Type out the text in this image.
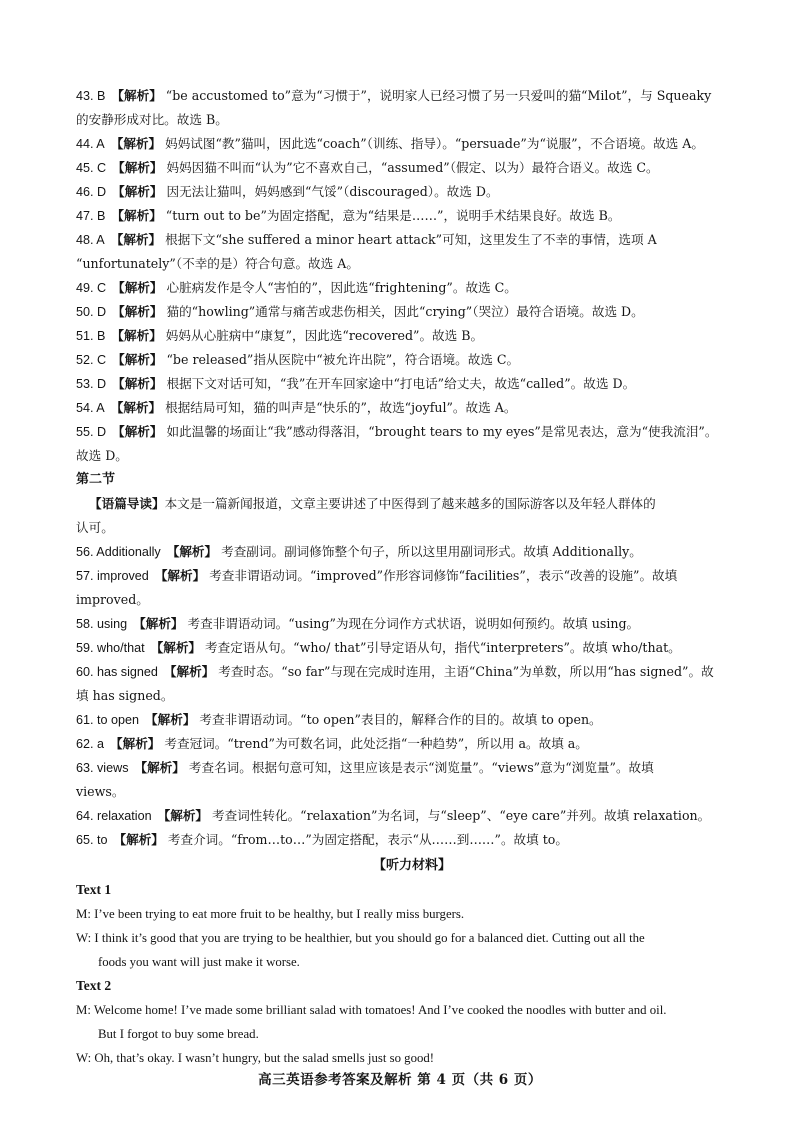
43. B 【解析】 “be accustomed to”意为“习惯于”，说明家人已经习惯了另一只爱叫的猫“Milot”，与 Squeaky
的安静形成对比。故选 B。
44. A 【解析】 妈妈试图“教”猫叫，因此选“coach”（训练、指导）。“persuade”为“说服”，不合语境。故选 A。
45. C 【解析】 妈妈因猫不叫而“认为”它不喜欢自己，“assumed”（假定、以为）最符合语义。故选 C。
46. D 【解析】 因无法让猫叫，妈妈感到“气馁”（discouraged）。故选 D。
47. B 【解析】 “turn out to be”为固定搭配，意为“结果是……”，说明手术结果良好。故选 B。
48. A 【解析】 根据下文“she suffered a minor heart attack”可知，这里发生了不幸的事情，选项 A
“unfortunately”（不幸的是）符合句意。故选 A。
49. C 【解析】 心脏病发作是令人“害怕的”，因此选“frightening”。故选 C。
50. D 【解析】 猫的“howling”通常与痛苦或悲伤相关，因此“crying”（哭泣）最符合语境。故选 D。
51. B 【解析】 妈妈从心脏病中“康复”，因此选“recovered”。故选 B。
52. C 【解析】 “be released”指从医院中“被允许出院”，符合语境。故选 C。
53. D 【解析】 根据下文对话可知，“我”在开车回家途中“打电话”给丈夫，故选“called”。故选 D。
54. A 【解析】 根据结局可知，猫的叫声是“快乐的”，故选“joyful”。故选 A。
55. D 【解析】 如此温馨的场面让“我”感动得落泪，“brought tears to my eyes”是常见表达，意为“使我流泪”。
故选 D。
第二节
【语篇导读】本文是一篇新闻报道，文章主要讲述了中医得到了越来越多的国际游客以及年轻人群体的
认可。
56. Additionally 【解析】 考查副词。副词修饰整个句子，所以这里用副词形式。故填 Additionally。
57. improved 【解析】 考查非谓语动词。“improved”作形容词修饰“facilities”，表示“改善的设施”。故填 improved。
58. using 【解析】 考查非谓语动词。“using”为现在分词作方式状语，说明如何预约。故填 using。
59. who/that 【解析】 考查定语从句。“who/ that”引导定语从句，指代“interpreters”。故填 who/that。
60. has signed 【解析】 考查时态。“so far”与现在完成时连用，主语“China”为单数，所以用“has signed”。故
填 has signed。
61. to open 【解析】 考查非谓语动词。“to open”表目的，解释合作的目的。故填 to open。
62. a 【解析】 考查冠词。“trend”为可数名词，此处泛指“一种趋势”，所以用 a。故填 a。
63. views 【解析】 考查名词。根据句意可知，这里应该是表示“浏览量”。“views”意为“浏览量”。故填
views。
64. relaxation 【解析】 考查词性转化。“relaxation”为名词，与“sleep”、“eye care”并列。故填 relaxation。
65. to 【解析】 考查介词。“from…to…”为固定搭配，表示“从……到……”。故填 to。
【听力材料】
Text 1
M: I’ve been trying to eat more fruit to be healthy, but I really miss burgers.
W: I think it’s good that you are trying to be healthier, but you should go for a balanced diet. Cutting out all the
foods you want will just make it worse.
Text 2
M: Welcome home! I’ve made some brilliant salad with tomatoes! And I’ve cooked the noodles with butter and oil.
But I forgot to buy some bread.
W: Oh, that’s okay. I wasn’t hungry, but the salad smells just so good!
高三英语参考答案及解析 第 4 页（共 6 页）
